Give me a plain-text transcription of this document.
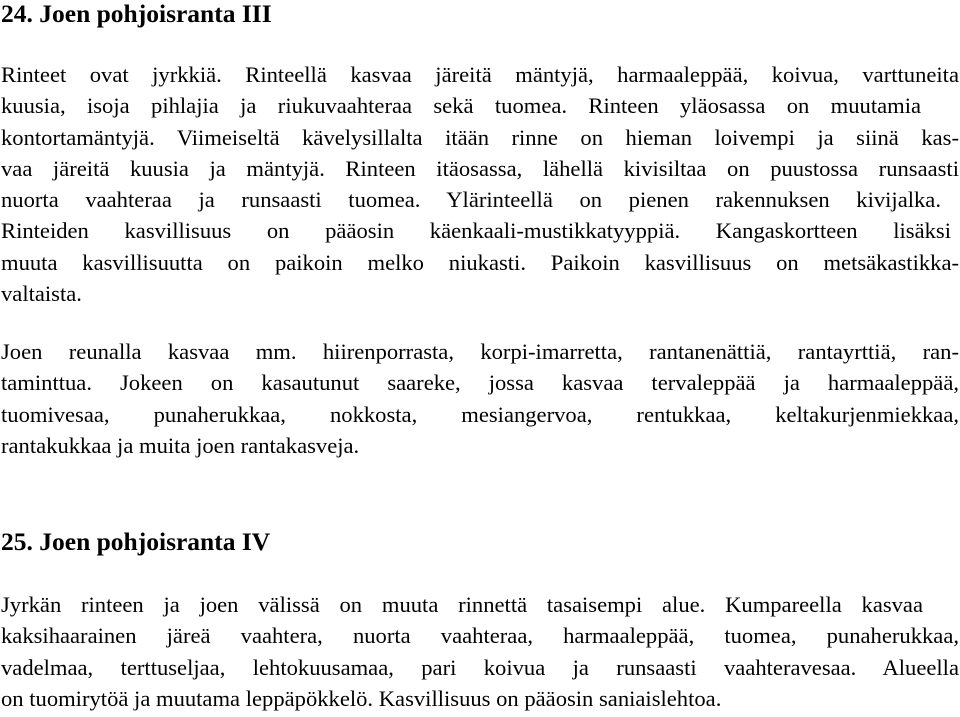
24. Joen pohjoisranta III

Rinteet ovat jyrkkiä. Rinteellä kasvaa järeitä mäntyjä, harmaaleppää, koivua, varttuneita
kuusia, isoja pihlajia ja riukuvaahteraa sekä tuomea. Rinteen yläosassa on muutamia
kontortamäntyjä. Viimeiseltä kävelysillalta itään rinne on hieman loivempi ja siinä kas-
vaa järeitä kuusia ja mäntyjä. Rinteen itäosassa, lähellä kivisiltaa on puustossa runsaasti
nuorta vaahteraa ja runsaasti tuomea. Ylärinteellä on pienen rakennuksen kivijalka.
Rinteiden kasvillisuus on pääosin käenkaali-mustikkatyyppiä. Kangaskortteen lisäksi
muuta kasvillisuutta on paikoin melko niukasti. Paikoin kasvillisuus on metsäkastikka-
valtaista.

Joen reunalla kasvaa mm. hiirenporrasta, korpi-imarretta, rantanenättiä, rantayrttiä, ran-
taminttua. Jokeen on kasautunut saareke, jossa kasvaa tervaleppää ja harmaaleppää,
tuomivesaa, punaherukkaa, nokkosta, mesiangervoa, rentukkaa, keltakurjenmiekkaa,
rantakukkaa ja muita joen rantakasveja.

25. Joen pohjoisranta IV

Jyrkän rinteen ja joen välissä on muuta rinnettä tasaisempi alue. Kumpareella kasvaa
kaksihaarainen järeä vaahtera, nuorta vaahteraa, harmaaleppää, tuomea, punaherukkaa,
vadelmaa, terttuseljaa, lehtokuusamaa, pari koivua ja runsaasti vaahteravesaa. Alueella
on tuomirytöä ja muutama leppäpökkelö. Kasvillisuus on pääosin saniaislehtoa.
